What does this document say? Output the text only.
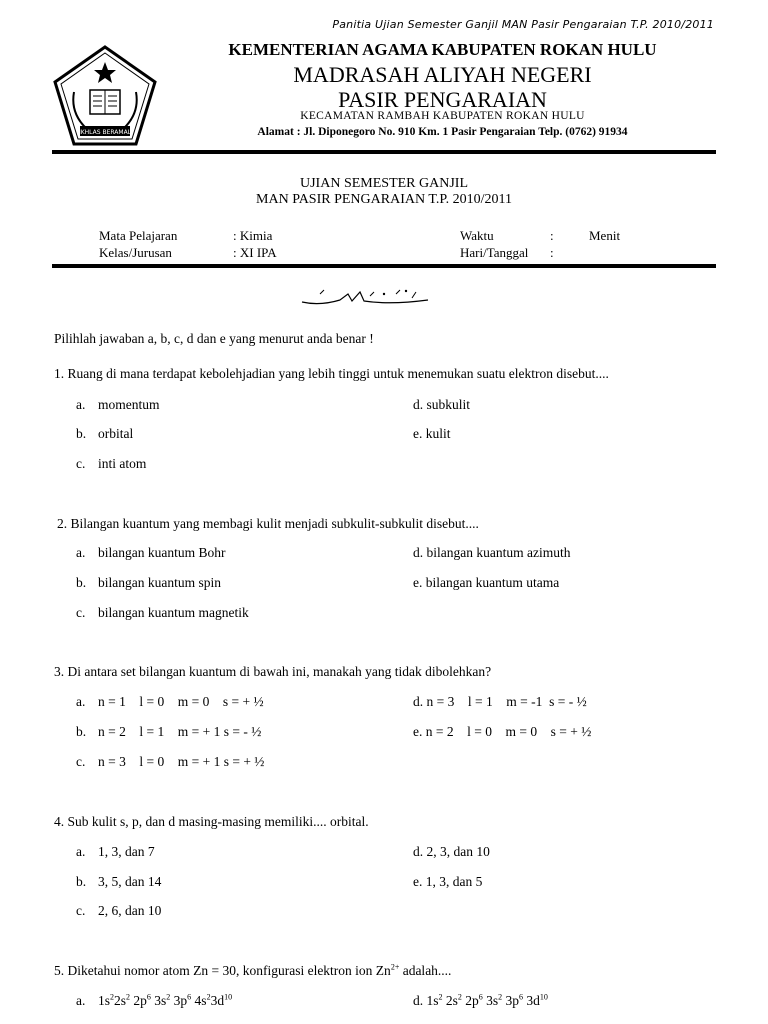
Panitia Ujian Semester Ganjil MAN Pasir Pengaraian T.P. 2010/2011
IKHLAS BERAMAL
KEMENTERIAN AGAMA KABUPATEN ROKAN HULU
MADRASAH ALIYAH NEGERI
PASIR PENGARAIAN
KECAMATAN RAMBAH KABUPATEN ROKAN HULU
Alamat : Jl. Diponegoro No. 910 Km. 1 Pasir Pengaraian Telp. (0762) 91934
UJIAN SEMESTER GANJIL
MAN PASIR PENGARAIAN T.P. 2010/2011
Mata Pelajaran	: Kimia	Waktu	:	Menit
Kelas/Jurusan	: XI IPA	Hari/Tanggal :
Pilihlah jawaban a, b, c, d dan e yang menurut anda benar !
1. Ruang di mana terdapat kebolehjadian yang lebih tinggi untuk menemukan suatu elektron disebut....
a. momentum
b. orbital
c. inti atom
d. subkulit
e. kulit
2. Bilangan kuantum yang membagi kulit menjadi subkulit-subkulit disebut....
a. bilangan kuantum Bohr
b. bilangan kuantum spin
c. bilangan kuantum magnetik
d. bilangan kuantum azimuth
e. bilangan kuantum utama
3. Di antara set bilangan kuantum di bawah ini, manakah yang tidak dibolehkan?
a. n = 1    l = 0    m = 0    s = + ½
b. n = 2    l = 1    m = + 1 s = - ½
c. n = 3    l = 0    m = + 1 s = + ½
d. n = 3    l = 1    m = -1  s = - ½
e. n = 2    l = 0    m = 0    s = + ½
4. Sub kulit s, p, dan d masing-masing memiliki.... orbital.
a. 1, 3, dan 7
b. 3, 5, dan 14
c. 2, 6, dan 10
d. 2, 3, dan 10
e. 1, 3, dan 5
5. Diketahui nomor atom Zn = 30, konfigurasi elektron ion $Zn^{2+}$ adalah....
a. $1s^22s^2$ $2p^6$ $3s^2$ $3p^6$ $4s^23d^{10}$	d. $1s^2$ $2s^2$ $2p^6$ $3s^2$ $3p^6$ $3d^{10}$
